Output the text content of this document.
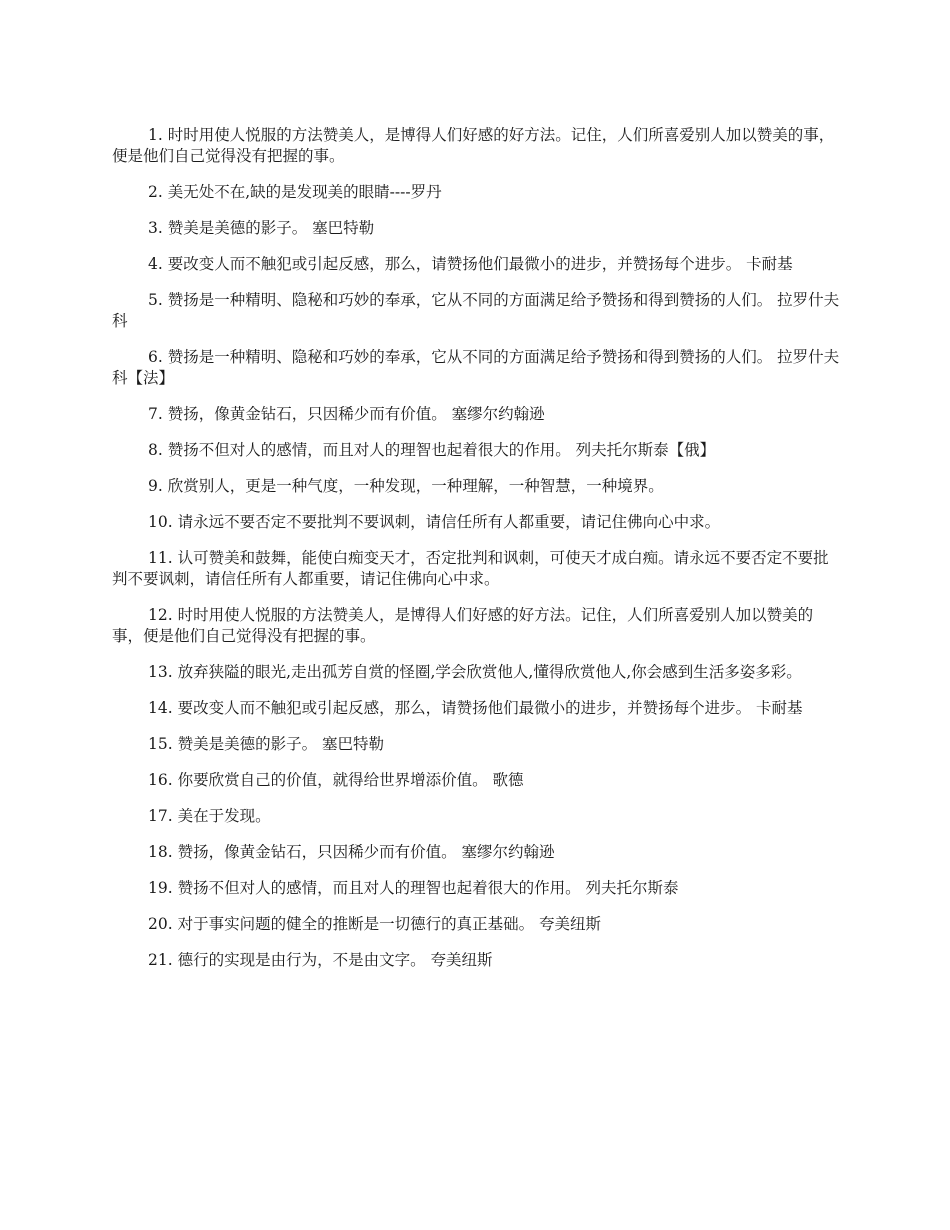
1. 时时用使人悦服的方法赞美人，是博得人们好感的好方法。记住，人们所喜爱别人加以赞美的事，便是他们自己觉得没有把握的事。

2. 美无处不在,缺的是发现美的眼睛----罗丹

3. 赞美是美德的影子。 塞巴特勒

4. 要改变人而不触犯或引起反感，那么，请赞扬他们最微小的进步，并赞扬每个进步。 卡耐基

5. 赞扬是一种精明、隐秘和巧妙的奉承，它从不同的方面满足给予赞扬和得到赞扬的人们。 拉罗什夫科

6. 赞扬是一种精明、隐秘和巧妙的奉承，它从不同的方面满足给予赞扬和得到赞扬的人们。 拉罗什夫科【法】

7. 赞扬，像黄金钻石，只因稀少而有价值。 塞缪尔约翰逊

8. 赞扬不但对人的感情，而且对人的理智也起着很大的作用。 列夫托尔斯泰【俄】

9. 欣赏别人，更是一种气度，一种发现，一种理解，一种智慧，一种境界。

10. 请永远不要否定不要批判不要讽刺，请信任所有人都重要，请记住佛向心中求。

11. 认可赞美和鼓舞，能使白痴变天才，否定批判和讽刺，可使天才成白痴。请永远不要否定不要批判不要讽刺，请信任所有人都重要，请记住佛向心中求。

12. 时时用使人悦服的方法赞美人，是博得人们好感的好方法。记住，人们所喜爱别人加以赞美的事，便是他们自己觉得没有把握的事。

13. 放弃狭隘的眼光,走出孤芳自赏的怪圈,学会欣赏他人,懂得欣赏他人,你会感到生活多姿多彩。

14. 要改变人而不触犯或引起反感，那么，请赞扬他们最微小的进步，并赞扬每个进步。 卡耐基

15. 赞美是美德的影子。 塞巴特勒

16. 你要欣赏自己的价值，就得给世界增添价值。 歌德

17. 美在于发现。

18. 赞扬，像黄金钻石，只因稀少而有价值。 塞缪尔约翰逊

19. 赞扬不但对人的感情，而且对人的理智也起着很大的作用。 列夫托尔斯泰

20. 对于事实问题的健全的推断是一切德行的真正基础。 夸美纽斯

21. 德行的实现是由行为，不是由文字。 夸美纽斯
